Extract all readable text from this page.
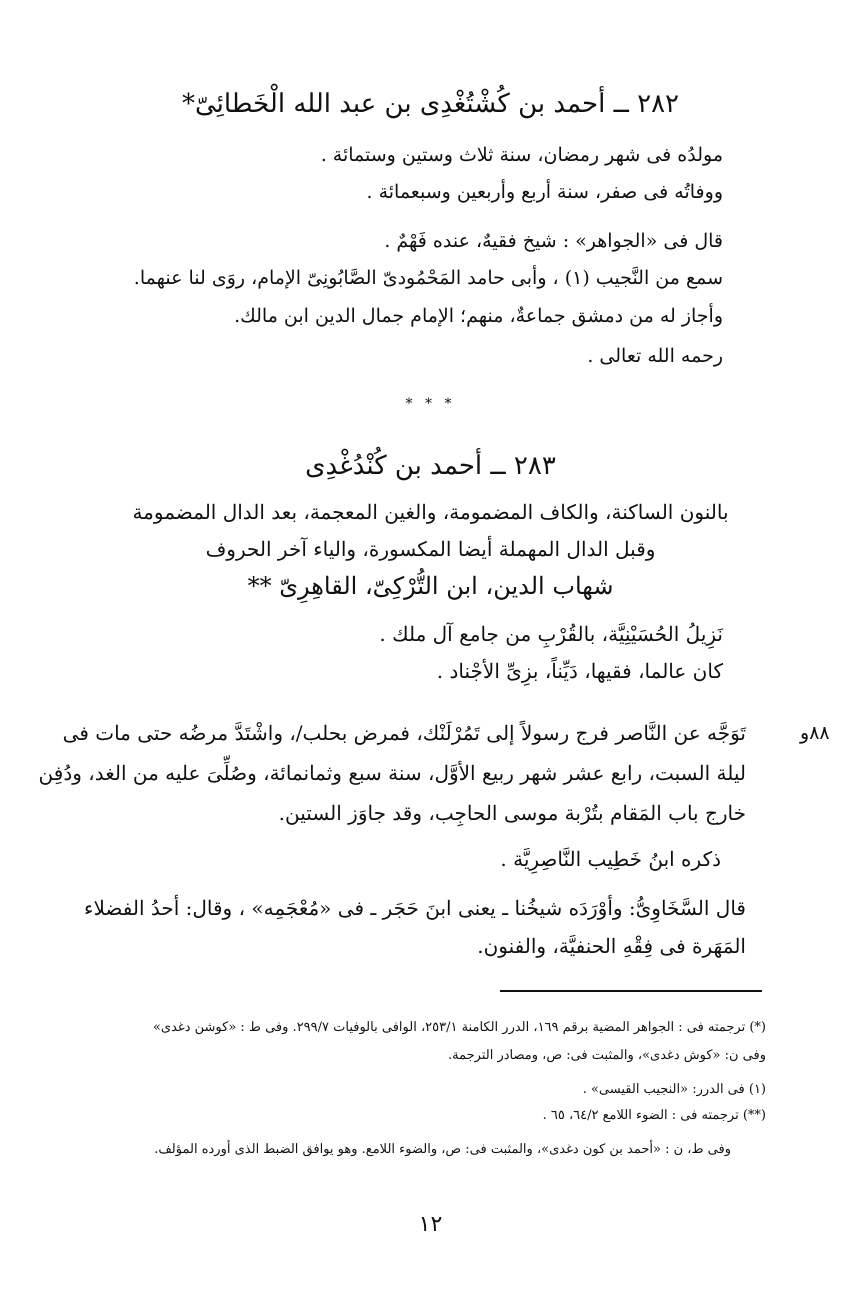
٢٨٢ ــ أحمد بن كُشْتُغْدِى بن عبد الله الْخَطائِىّ*
مولدُه فى شهر رمضان، سنة ثلاث وستين وستمائة .
ووفاتُه فى صفر، سنة أربع وأربعين وسبعمائة .
قال فى «الجواهر» : شيخ فقيهٌ، عنده فَهْمٌ .
سمع من النَّجيب (١) ، وأبى حامد المَحْمُودىّ الصَّابُونِىّ الإمام، روَى لنا عنهما.
وأجاز له من دمشق جماعةٌ، منهم؛ الإمام جمال الدين ابن مالك.
رحمه الله تعالى .
* * *
٢٨٣ ــ أحمد بن كُنْدُغْدِى
بالنون الساكنة، والكاف المضمومة، والغين المعجمة، بعد الدال المضمومة
وقبل الدال المهملة أيضا المكسورة، والياء آخر الحروف
شهاب الدين، ابن التُّرْكِىّ، القاهِرِىّ **
نَزِيلُ الحُسَيْنِيَّة، بالقُرْبِ من جامع آل ملك .
كان عالما، فقيها، دَيِّناً، بزِىِّ الأجْناد .
٨٨و
تَوَجَّه عن النَّاصر فرج رسولاً إلى تَمُرْلَنْك، فمرض بحلب/، واشْتَدَّ مرضُه حتى مات فى
ليلة السبت، رابع عشر شهر ربيع الأوَّل، سنة سبع وثمانمائة، وصُلِّىَ عليه من الغد، ودُفِن
خارج باب المَقام بتُرْبة موسى الحاجِب، وقد جاوَز الستين.
ذكره ابنُ خَطِيب النَّاصِرِيَّة .
قال السَّخَاوِىُّ: وأوْرَدَه شيخُنا ـ يعنى ابنَ حَجَر ـ فى «مُعْجَمِه» ، وقال: أحدُ الفضلاء
المَهَرة فى فِقْهِ الحنفيَّة، والفنون.
(*) ترجمته فى : الجواهر المضية برقم ١٦٩، الدرر الكامنة ٢٥٣/١، الوافى بالوفيات ٢٩٩/٧. وفى ط : «كوشن دغدى»
وفى ن: «كوش دغدى»، والمثبت فى: ص، ومصادر الترجمة.
(١) فى الدرر: «النجيب القيسى» .
(**) ترجمته فى : الضوء اللامع ٦٤/٢، ٦٥ .
وفى ط، ن : «أحمد بن كون دغدى»، والمثبت فى: ص، والضوء اللامع. وهو يوافق الضبط الذى أورده المؤلف.
١٢
